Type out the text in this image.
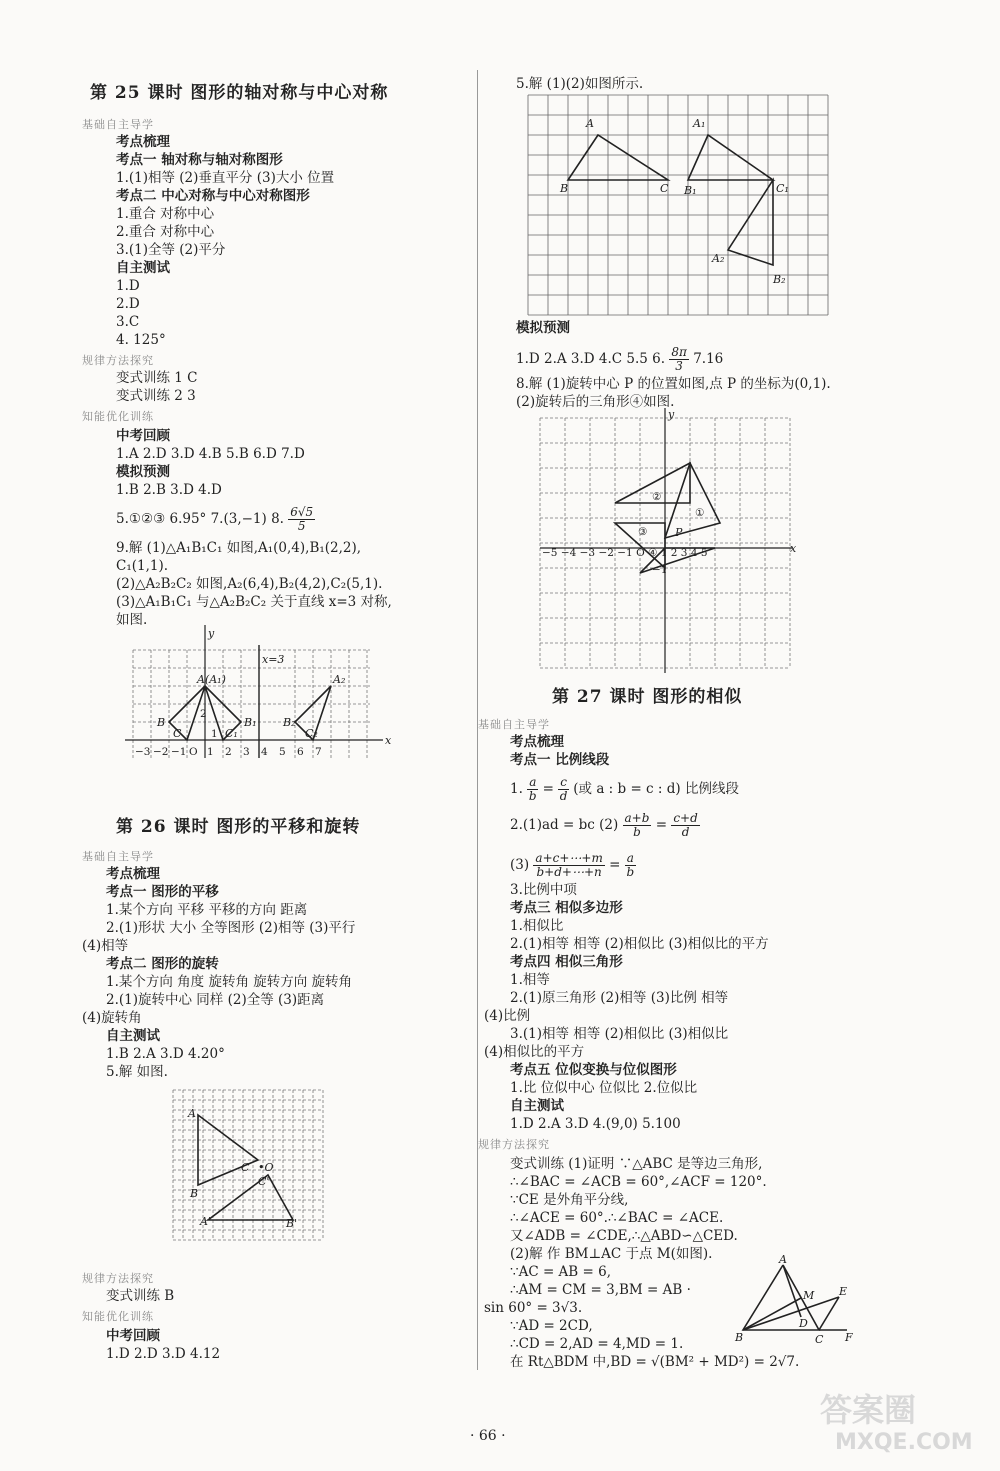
第 25 课时 图形的轴对称与中心对称
基础自主导学
考点梳理
考点一 轴对称与轴对称图形
1.(1)相等 (2)垂直平分 (3)大小 位置
考点二 中心对称与中心对称图形
1.重合 对称中心
2.重合 对称中心
3.(1)全等 (2)平分
自主测试
1.D
2.D
3.C
4. 125°
规律方法探究
变式训练 1 C
变式训练 2 3
知能优化训练
中考回顾
1.A 2.D 3.D 4.B 5.B 6.D 7.D
模拟预测
1.B 2.B 3.D 4.D
5.①②③ 6.95° 7.(3,−1) 8. $\frac{6√5}{5}$
9.解 (1)△A₁B₁C₁ 如图,A₁(0,4),B₁(2,2),
C₁(1,1).
(2)△A₂B₂C₂ 如图,A₂(6,4),B₂(4,2),C₂(5,1).
(3)△A₁B₁C₁ 与△A₂B₂C₂ 关于直线 x=3 对称,
如图.
y
x
x=3
A(A₁)	A₂
B	B₁ B₂
C	C₁	C₂
1
2
−3 −2 −1 O 1 2 3 4 5 6 7
第 26 课时 图形的平移和旋转
基础自主导学
考点梳理
考点一 图形的平移
1.某个方向 平移 平移的方向 距离
2.(1)形状 大小 全等图形 (2)相等 (3)平行
(4)相等
考点二 图形的旋转
1.某个方向 角度 旋转角 旋转方向 旋转角
2.(1)旋转中心 同样 (2)全等 (3)距离
(4)旋转角
自主测试
1.B 2.A 3.D 4.20°
5.解 如图.
A
B
C •O
C'
A'	B'
规律方法探究
变式训练 B
知能优化训练
中考回顾
1.D 2.D 3.D 4.12
5.解 (1)(2)如图所示.
A	A₁
A₂
B	B₁
B₂
C	C₁
模拟预测
1.D 2.A 3.D 4.C 5.5 6. $\frac{8\pi}{3} 7.16$
8.解 (1)旋转中心 P 的位置如图,点 P 的坐标为(0,1).
(2)旋转后的三角形④如图.
y
x
P
②
①
③
−5 −4 −3 −2 −1 O ④ 1 2 3 4 5
−1
第 27 课时 图形的相似
基础自主导学
考点梳理
考点一 比例线段
1. $\frac{a}{b} = \frac{c}{d}$ (或 a : b = c : d) 比例线段
2.(1)ad = bc $(2) \frac{a+b}{b} = \frac{c+d}{d}$
$(3) \frac{a+c+\cdots+m}{b+d+\cdots+n} = \frac{a}{b}$
3.比例中项
考点三 相似多边形
1.相似比
2.(1)相等 相等 (2)相似比 (3)相似比的平方
考点四 相似三角形
1.相等
2.(1)原三角形 (2)相等 (3)比例 相等
(4)比例
3.(1)相等 相等 (2)相似比 (3)相似比
(4)相似比的平方
考点五 位似变换与位似图形
1.比 位似中心 位似比 2.位似比
自主测试
1.D 2.A 3.D 4.(9,0) 5.100
规律方法探究
变式训练 (1)证明 ∵△ABC 是等边三角形,
∴∠BAC = ∠ACB = 60°,∠ACF = 120°.
∵CE 是外角平分线,
∴∠ACE = 60°.∴∠BAC = ∠ACE.
又∠ADB = ∠CDE,∴△ABD∽△CED.
(2)解 作 BM⊥AC 于点 M(如图).
∵AC = AB = 6,
∴AM = CM = 3,BM = AB ·
sin 60° = 3√3.
∵AD = 2CD,
∴CD = 2,AD = 4,MD = 1.
在 Rt△BDM 中,BD = √(BM² + MD²) = 2√7.
A
M E
B
D
C F
· 66 ·
答案圈
MXQE.COM
